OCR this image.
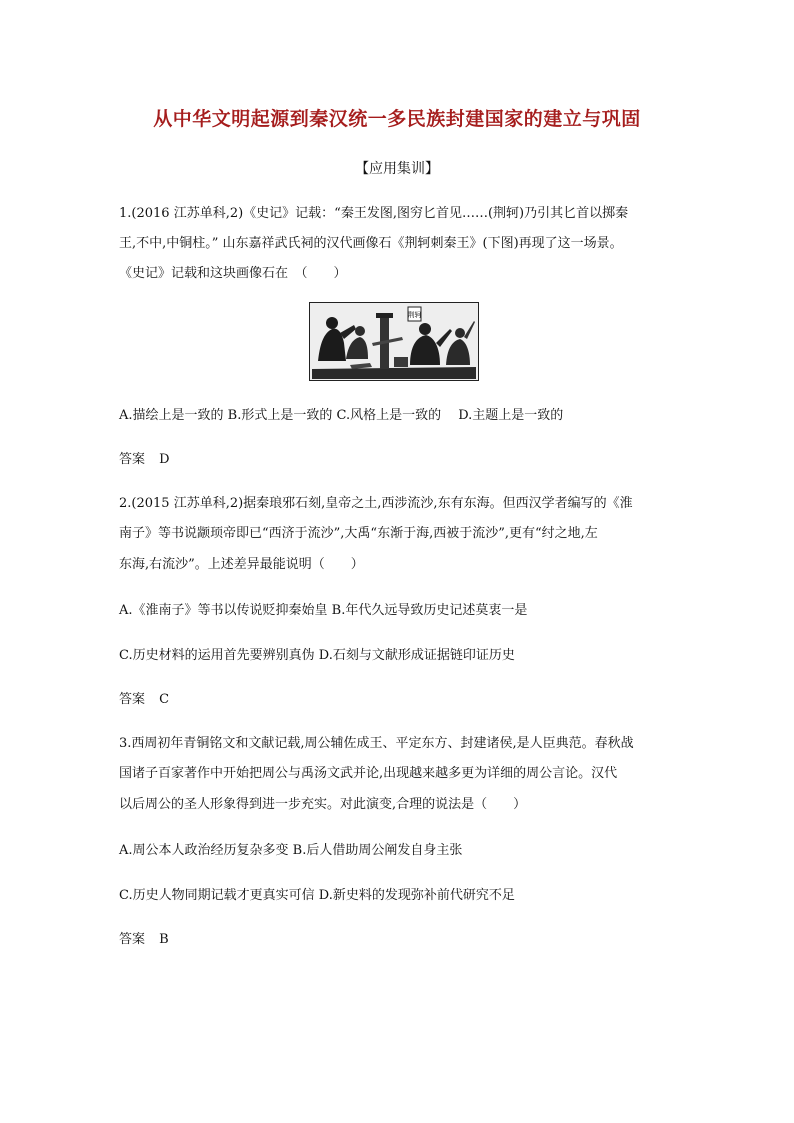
从中华文明起源到秦汉统一多民族封建国家的建立与巩固
【应用集训】
1.(2016 江苏单科,2)《史记》记载：“秦王发图,图穷匕首见……(荆轲)乃引其匕首以掷秦
王,不中,中铜柱。” 山东嘉祥武氏祠的汉代画像石《荆轲刺秦王》(下图)再现了这一场景。
《史记》记载和这块画像石在　（　　）
荆轲
A.描绘上是一致的 B.形式上是一致的 C.风格上是一致的　 D.主题上是一致的
答案 D
2.(2015 江苏单科,2)据秦琅邪石刻,皇帝之土,西涉流沙,东有东海。但西汉学者编写的《淮
南子》等书说颛顼帝即已“西济于流沙”,大禹“东渐于海,西被于流沙”,更有“纣之地,左
东海,右流沙”。上述差异最能说明（　　）
A.《淮南子》等书以传说贬抑秦始皇 B.年代久远导致历史记述莫衷一是
C.历史材料的运用首先要辨别真伪 D.石刻与文献形成证据链印证历史
答案 C
3.西周初年青铜铭文和文献记载,周公辅佐成王、平定东方、封建诸侯,是人臣典范。春秋战
国诸子百家著作中开始把周公与禹汤文武并论,出现越来越多更为详细的周公言论。汉代
以后周公的圣人形象得到进一步充实。对此演变,合理的说法是（　　）
A.周公本人政治经历复杂多变 B.后人借助周公阐发自身主张
C.历史人物同期记载才更真实可信 D.新史料的发现弥补前代研究不足
答案 B
